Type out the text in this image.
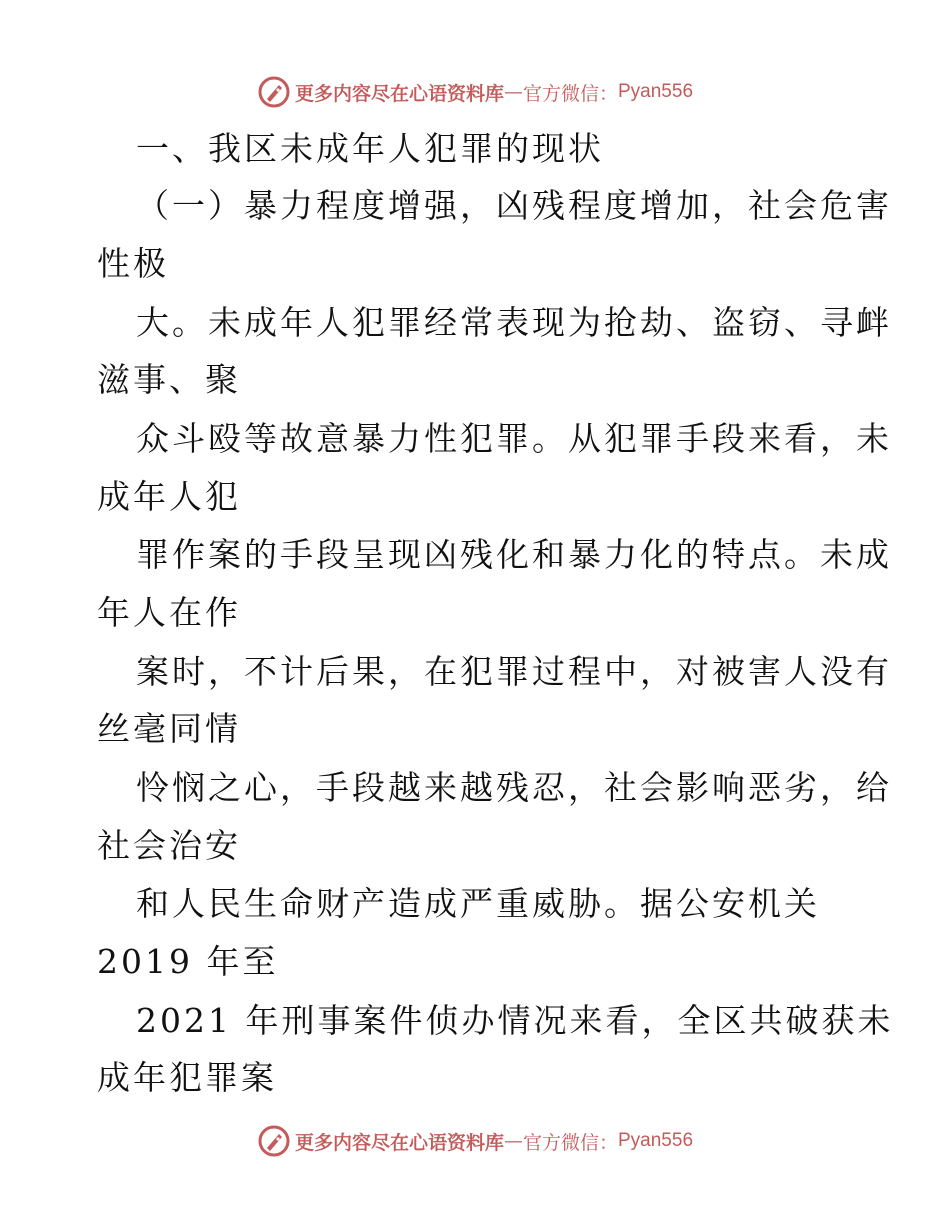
更多内容尽在心语资料库 — 官方微信： Pyan556
一、我区未成年人犯罪的现状
（一）暴力程度增强，凶残程度增加，社会危害
性极
大。未成年人犯罪经常表现为抢劫、盗窃、寻衅
滋事、聚
众斗殴等故意暴力性犯罪。从犯罪手段来看，未
成年人犯
罪作案的手段呈现凶残化和暴力化的特点。未成
年人在作
案时，不计后果，在犯罪过程中，对被害人没有
丝毫同情
怜悯之心，手段越来越残忍，社会影响恶劣，给
社会治安
和人民生命财产造成严重威胁。据公安机关
2019 年至
2021 年刑事案件侦办情况来看，全区共破获未
成年犯罪案
更多内容尽在心语资料库 — 官方微信： Pyan556
